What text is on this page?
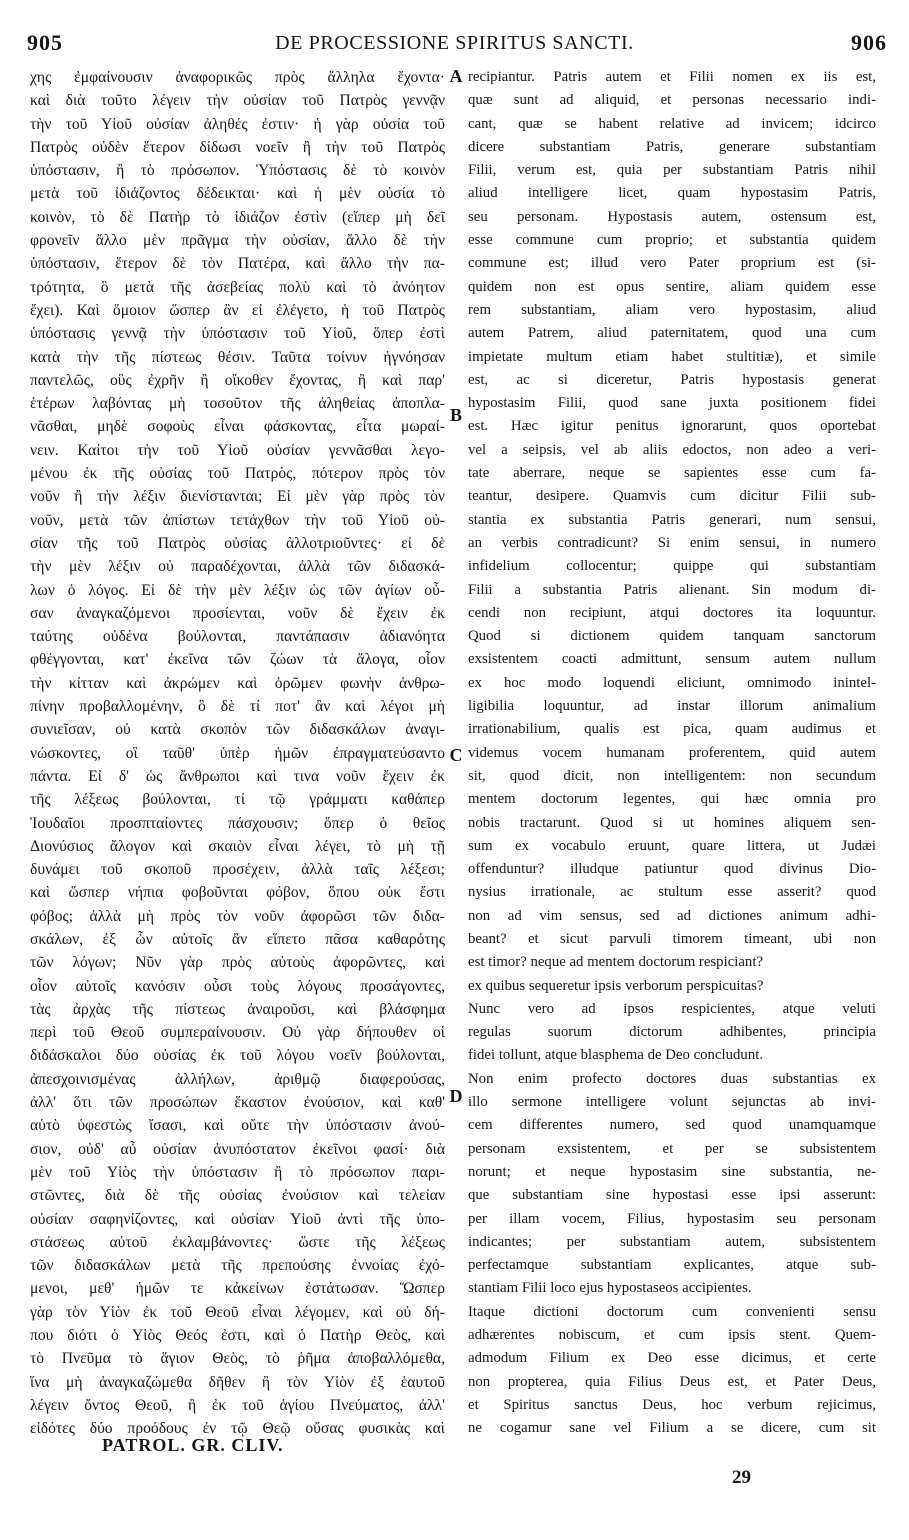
905	DE PROCESSIONE SPIRITUS SANCTI.	906
χης ἐμφαίνουσιν ἀναφορικῶς πρὸς ἄλληλα ἔχοντα·
καὶ διὰ τοῦτο λέγειν τὴν οὐσίαν τοῦ Πατρὸς γεννᾷν
τὴν τοῦ Υἱοῦ οὐσίαν ἀληθές ἐστιν· ἡ γὰρ οὐσία τοῦ
Πατρὸς οὐδὲν ἕτερον δίδωσι νοεῖν ἢ τὴν τοῦ Πατρὸς
ὑπόστασιν, ἢ τὸ πρόσωπον. Ὑπόστασις δὲ τὸ κοινὸν
μετὰ τοῦ ἰδιάζοντος δέδεικται· καὶ ἡ μὲν οὐσία τὸ
κοινὸν, τὸ δὲ Πατὴρ τὸ ἰδιάζον ἐστὶν (εἴπερ μὴ δεῖ
φρονεῖν ἄλλο μὲν πρᾶγμα τὴν οὐσίαν, ἄλλο δὲ τὴν
ὑπόστασιν, ἕτερον δὲ τὸν Πατέρα, καὶ ἄλλο τὴν πα-
τρότητα, ὃ μετὰ τῆς ἀσεβείας πολὺ καὶ τὸ ἀνόητον
ἔχει). Καὶ ὅμοιον ὥσπερ ἂν εἰ ἐλέγετο, ἡ τοῦ Πατρὸς
ὑπόστασις γεννᾷ τὴν ὑπόστασιν τοῦ Υἱοῦ, ὅπερ ἐστὶ
κατὰ τὴν τῆς πίστεως θέσιν. Ταῦτα τοίνυν ἠγνόησαν
παντελῶς, οὓς ἐχρῆν ἢ οἴκοθεν ἔχοντας, ἢ καὶ παρ'
ἑτέρων λαβόντας μὴ τοσοῦτον τῆς ἀληθείας ἀποπλα-
νᾶσθαι, μηδὲ σοφοὺς εἶναι φάσκοντας, εἶτα μωραί-
νειν. Καίτοι τὴν τοῦ Υἱοῦ οὐσίαν γεννᾶσθαι λεγο-
μένου ἐκ τῆς οὐσίας τοῦ Πατρὸς, πότερον πρὸς τὸν
νοῦν ἢ τὴν λέξιν διενίστανται; Εἰ μὲν γὰρ πρὸς τὸν
νοῦν, μετὰ τῶν ἀπίστων τετάχθων τὴν τοῦ Υἱοῦ οὐ-
σίαν τῆς τοῦ Πατρὸς οὐσίας ἀλλοτριοῦντες· εἰ δὲ
τὴν μὲν λέξιν οὐ παραδέχονται, ἀλλὰ τῶν διδασκά-
λων ὁ λόγος. Εἰ δὲ τὴν μὲν λέξιν ὡς τῶν ἁγίων οὖ-
σαν ἀναγκαζόμενοι προσίενται, νοῦν δὲ ἔχειν ἐκ
ταύτης οὐδένα βούλονται, παντάπασιν ἀδιανόητα
φθέγγονται, κατ' ἐκεῖνα τῶν ζώων τὰ ἄλογα, οἷον
τὴν κίτταν καὶ ἀκρώμεν καὶ ὁρῶμεν φωνὴν ἀνθρω-
πίνην προβαλλομένην, ὃ δὲ τί ποτ' ἂν καὶ λέγοι μὴ
συνιεῖσαν, οὐ κατὰ σκοπὸν τῶν διδασκάλων ἀναγι-
νώσκοντες, οἳ ταῦθ' ὑπὲρ ἡμῶν ἐπραγματεύσαντο
πάντα. Εἰ δ' ὡς ἄνθρωποι καὶ τινα νοῦν ἔχειν ἐκ
τῆς λέξεως βούλονται, τί τῷ γράμματι καθάπερ
Ἰουδαῖοι προσπταίοντες πάσχουσιν; ὅπερ ὁ θεῖος
Διονύσιος ἄλογον καὶ σκαιὸν εἶναι λέγει, τὸ μὴ τῇ
δυνάμει τοῦ σκοποῦ προσέχειν, ἀλλὰ ταῖς λέξεσι;
καὶ ὥσπερ νήπια φοβοῦνται φόβον, ὅπου οὐκ ἔστι
φόβος; ἀλλὰ μὴ πρὸς τὸν νοῦν ἀφορῶσι τῶν διδα-
σκάλων, ἐξ ὧν αὐτοῖς ἂν εἵπετο πᾶσα καθαρότης
τῶν λόγων; Νῦν γὰρ πρὸς αὐτοὺς ἀφορῶντες, καὶ
οἷον αὐτοῖς κανόσιν οὖσι τοὺς λόγους προσάγοντες,
τὰς ἀρχὰς τῆς πίστεως ἀναιροῦσι, καὶ βλάσφημα
περὶ τοῦ Θεοῦ συμπεραίνουσιν. Οὐ γὰρ δήπουθεν οἱ
διδάσκαλοι δύο οὐσίας ἐκ τοῦ λόγου νοεῖν βούλονται,
ἀπεσχοινισμένας ἀλλήλων, ἀριθμῷ διαφερούσας,
ἀλλ' ὅτι τῶν προσώπων ἕκαστον ἐνούσιον, καὶ καθ'
αὑτὸ ὑφεστὼς ἴσασι, καὶ οὔτε τὴν ὑπόστασιν ἀνού-
σιον, οὐδ' αὖ οὐσίαν ἀνυπόστατον ἐκεῖνοι φασί· διὰ
μὲν τοῦ Υἱὸς τὴν ὑπόστασιν ἢ τὸ πρόσωπον παρι-
στῶντες, διὰ δὲ τῆς οὐσίας ἐνούσιον καὶ τελείαν
οὐσίαν σαφηνίζοντες, καὶ οὐσίαν Υἱοῦ ἀντὶ τῆς ὑπο-
στάσεως αὐτοῦ ἐκλαμβάνοντες· ὥστε τῆς λέξεως
τῶν διδασκάλων μετὰ τῆς πρεπούσης ἐννοίας ἐχό-
μενοι, μεθ' ἡμῶν τε κἀκείνων ἐστάτωσαν. Ὥσπερ
γὰρ τὸν Υἱὸν ἐκ τοῦ Θεοῦ εἶναι λέγομεν, καὶ οὐ δή-
που διότι ὁ Υἱὸς Θεός ἐστι, καὶ ὁ Πατὴρ Θεὸς, καὶ
τὸ Πνεῦμα τὸ ἅγιον Θεὸς, τὸ ῥῆμα ἀποβαλλόμεθα,
ἵνα μὴ ἀναγκαζώμεθα δῆθεν ἢ τὸν Υἱὸν ἐξ ἑαυτοῦ
λέγειν ὄντος Θεοῦ, ἢ ἐκ τοῦ ἁγίου Πνεύματος, ἀλλ'
εἰδότες δύο προόδους ἐν τῷ Θεῷ οὔσας φυσικὰς καὶ
A
B
C
D
recipiantur. Patris autem et Filii nomen ex iis est,
quæ sunt ad aliquid, et personas necessario indi-
cant, quæ se habent relative ad invicem; idcirco
dicere substantiam Patris, generare substantiam
Filii, verum est, quia per substantiam Patris nihil
aliud intelligere licet, quam hypostasim Patris,
seu personam. Hypostasis autem, ostensum est,
esse commune cum proprio; et substantia quidem
commune est; illud vero Pater proprium est (si-
quidem non est opus sentire, aliam quidem esse
rem substantiam, aliam vero hypostasim, aliud
autem Patrem, aliud paternitatem, quod una cum
impietate multum etiam habet stultitiæ), et simile
est, ac si diceretur, Patris hypostasis generat
hypostasim Filii, quod sane juxta positionem fidei
est. Hæc igitur penitus ignorarunt, quos oportebat
vel a seipsis, vel ab aliis edoctos, non adeo a veri-
tate aberrare, neque se sapientes esse cum fa-
teantur, desipere. Quamvis cum dicitur Filii sub-
stantia ex substantia Patris generari, num sensui,
an verbis contradicunt? Si enim sensui, in numero
infidelium collocentur; quippe qui substantiam
Filii a substantia Patris alienant. Sin modum di-
cendi non recipiunt, atqui doctores ita loquuntur.
Quod si dictionem quidem tanquam sanctorum
exsistentem coacti admittunt, sensum autem nullum
ex hoc modo loquendi eliciunt, omnimodo inintel-
ligibilia loquuntur, ad instar illorum animalium
irrationabilium, qualis est pica, quam audimus et
videmus vocem humanam proferentem, quid autem
sit, quod dicit, non intelligentem: non secundum
mentem doctorum legentes, qui hæc omnia pro
nobis tractarunt. Quod si ut homines aliquem sen-
sum ex vocabulo eruunt, quare littera, ut Judæi
offenduntur? illudque patiuntur quod divinus Dio-
nysius irrationale, ac stultum esse asserit? quod
non ad vim sensus, sed ad dictiones animum adhi-
beant? et sicut parvuli timorem timeant, ubi non
est timor? neque ad mentem doctorum respiciant?
ex quibus sequeretur ipsis verborum perspicuitas?
Nunc vero ad ipsos respicientes, atque veluti
regulas suorum dictorum adhibentes, principia
fidei tollunt, atque blasphema de Deo concludunt.
Non enim profecto doctores duas substantias ex
illo sermone intelligere volunt sejunctas ab invi-
cem differentes numero, sed quod unamquamque
personam exsistentem, et per se subsistentem
norunt; et neque hypostasim sine substantia, ne-
que substantiam sine hypostasi esse ipsi asserunt:
per illam vocem, Filius, hypostasim seu personam
indicantes; per substantiam autem, subsistentem
perfectamque substantiam explicantes, atque sub-
stantiam Filii loco ejus hypostaseos accipientes.
Itaque dictioni doctorum cum convenienti sensu
adhærentes nobiscum, et cum ipsis stent. Quem-
admodum Filium ex Deo esse dicimus, et certe
non propterea, quia Filius Deus est, et Pater Deus,
et Spiritus sanctus Deus, hoc verbum rejicimus,
ne cogamur sane vel Filium a se dicere, cum sit
PATROL. GR. CLIV.
29
